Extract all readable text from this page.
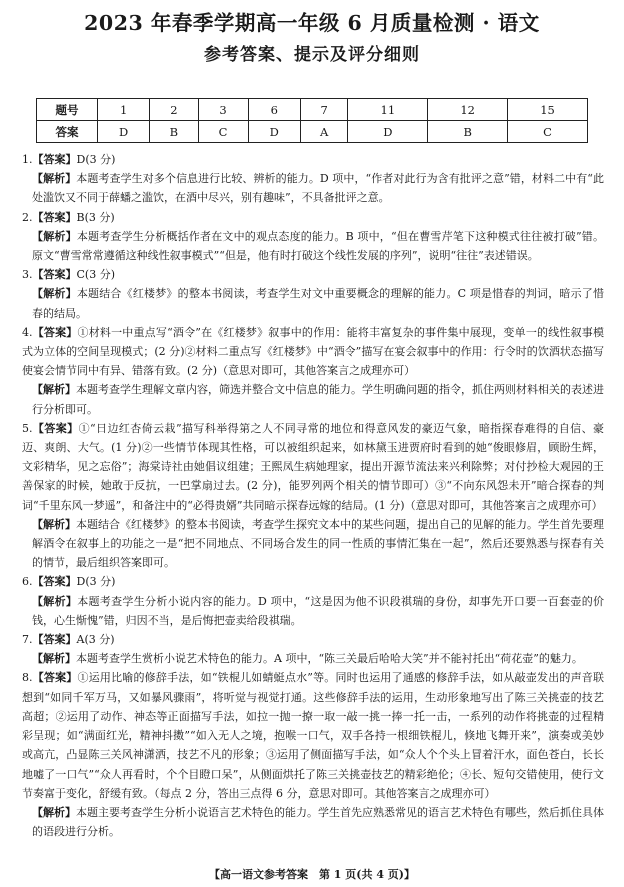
2023 年春季学期高一年级 6 月质量检测 · 语文
参考答案、提示及评分细则
题号	1	2	3	6	7	11	12	15
答案	D	B	C	D	A	D	B	C

1.【答案】D(3 分)

【解析】本题考查学生对多个信息进行比较、辨析的能力。D 项中，“作者对此行为含有批评之意”错，材料二中有“此处滥饮又不同于薛蟠之滥饮，在酒中尽兴，别有趣味”，不具备批评之意。

2.【答案】B(3 分)

【解析】本题考查学生分析概括作者在文中的观点态度的能力。B 项中，“但在曹雪芹笔下这种模式往往被打破”错。原文“曹雪常常遵循这种线性叙事模式”“但是，他有时打破这个线性发展的序列”，说明“往往”表述错误。

3.【答案】C(3 分)

【解析】本题结合《红楼梦》的整本书阅读，考查学生对文中重要概念的理解的能力。C 项是惜春的判词，暗示了惜春的结局。

4.【答案】①材料一中重点写“酒令”在《红楼梦》叙事中的作用：能将丰富复杂的事件集中展现，变单一的线性叙事模式为立体的空间呈现模式；(2 分)②材料二重点写《红楼梦》中“酒令”描写在宴会叙事中的作用：行令时的饮酒状态描写使宴会情节同中有异、错落有致。(2 分)（意思对即可，其他答案言之成理亦可）

【解析】本题考查学生理解文章内容，筛选并整合文中信息的能力。学生明确问题的指令，抓住两则材料相关的表述进行分析即可。

5.【答案】①“日边红杏倚云栽”描写科举得第之人不同寻常的地位和得意风发的豪迈气象，暗指探春难得的自信、豪迈、爽朗、大气。(1 分)②一些情节体现其性格，可以被组织起来，如林黛玉进贾府时看到的她“俊眼修眉，顾盼生辉，文彩精华，见之忘俗”；海棠诗社由她倡议组建；王熙凤生病她理家，提出开源节流法来兴利除弊；对付抄检大观园的王善保家的时候，她敢于反抗，一巴掌扇过去。(2 分)，能罗列两个相关的情节即可）③“不向东风怨未开”暗合探春的判词“千里东风一梦遥”，和备注中的“必得贵婿”共同暗示探春远嫁的结局。(1 分)（意思对即可，其他答案言之成理亦可）

【解析】本题结合《红楼梦》的整本书阅读，考查学生探究文本中的某些问题，提出自己的见解的能力。学生首先要理解酒令在叙事上的功能之一是“把不同地点、不同场合发生的同一性质的事情汇集在一起”，然后还要熟悉与探春有关的情节，最后组织答案即可。

6.【答案】D(3 分)

【解析】本题考查学生分析小说内容的能力。D 项中，“这是因为他不识段祺瑞的身份，却事先开口要一百套壶的价钱，心生惭愧”错，归因不当，是后悔把壶卖给段祺瑞。

7.【答案】A(3 分)

【解析】本题考查学生赏析小说艺术特色的能力。A 项中，“陈三关最后哈哈大笑”并不能衬托出“荷花壶”的魅力。

8.【答案】①运用比喻的修辞手法，如“铁棍儿如蜻蜓点水”等。同时也运用了通感的修辞手法，如从敲壶发出的声音联想到“如同千军万马，又如暴风骤雨”，将听觉与视觉打通。这些修辞手法的运用，生动形象地写出了陈三关挑壶的技艺高超；②运用了动作、神态等正面描写手法，如拉一抛一撩一取一敲一挑一捧一托一击，一系列的动作将挑壶的过程精彩呈现；如“满面红光，精神抖擞”“如入无人之境，抱喉一口气，双手各持一根细铁棍儿，倏地飞舞开来”，演奏或美妙或高亢，凸显陈三关风神潇洒，技艺不凡的形象；③运用了侧面描写手法，如“众人个个头上冒着汗水，面色苍白，长长地嘘了一口气”“众人再看时，个个目瞪口呆”，从侧面烘托了陈三关挑壶技艺的精彩绝伦；④长、短句交错使用，使行文节奏富于变化，舒缓有致。（每点 2 分，答出三点得 6 分，意思对即可。其他答案言之成理亦可）

【解析】本题主要考查学生分析小说语言艺术特色的能力。学生首先应熟悉常见的语言艺术特色有哪些，然后抓住具体的语段进行分析。

【高一语文参考答案　第 1 页(共 4 页)】
